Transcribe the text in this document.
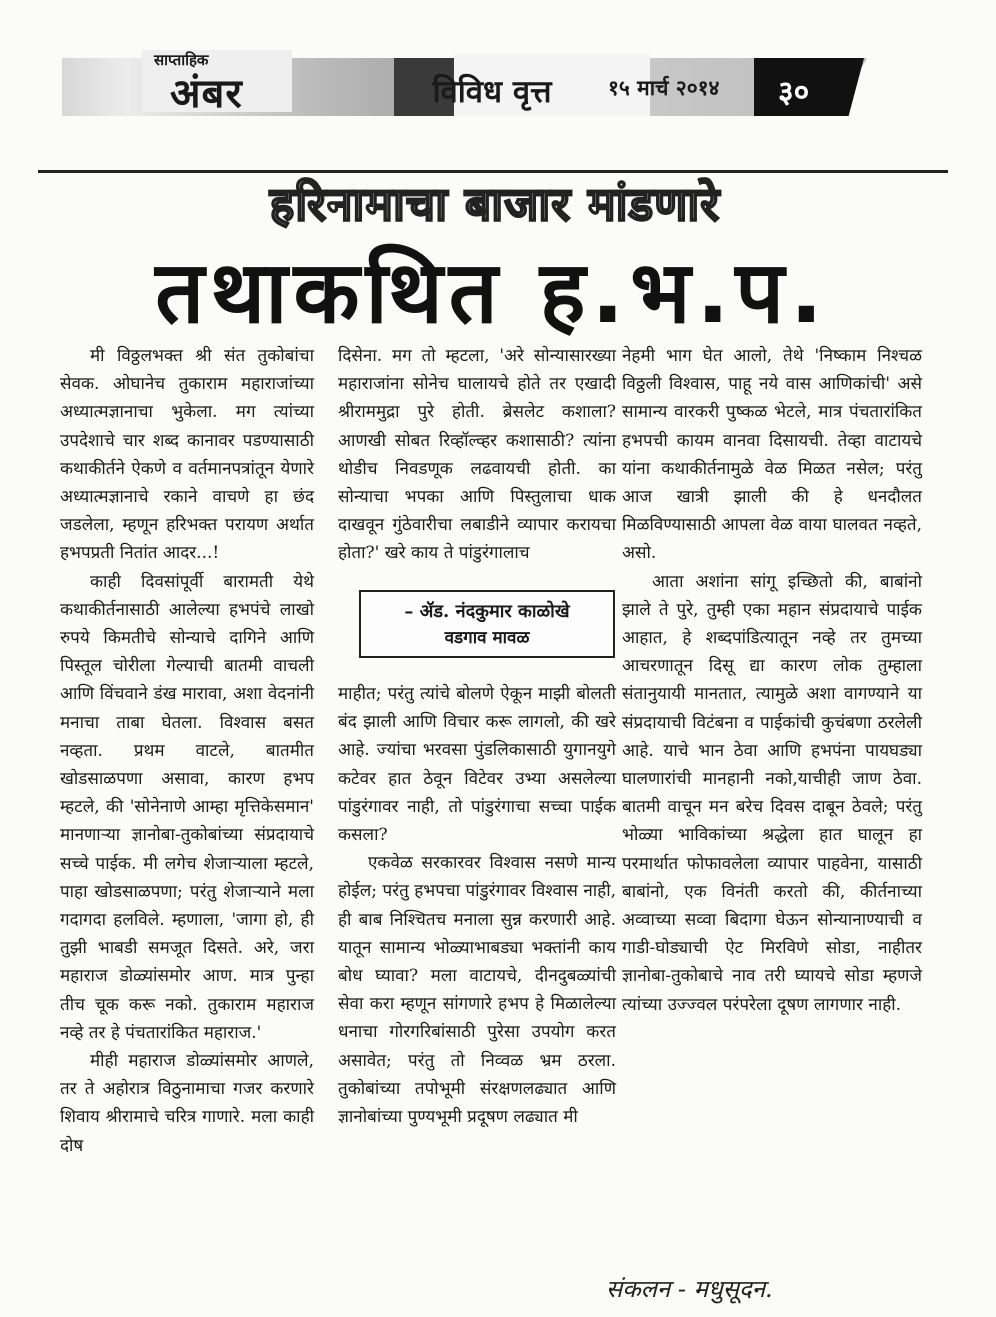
साप्ताहिक
अंबर	विविध वृत्त	१५ मार्च २०१४ ३०
हरिनामाचा बाजार मांडणारे
तथाकथित ह.भ.प.

मी विठ्ठलभक्त श्री संत तुकोबांचा सेवक. ओघानेच तुकाराम महाराजांच्या अध्यात्मज्ञानाचा भुकेला. मग त्यांच्या उपदेशाचे चार शब्द कानावर पडण्यासाठी कथाकीर्तने ऐकणे व वर्तमानपत्रांतून येणारे अध्यात्मज्ञानाचे रकाने वाचणे हा छंद जडलेला, म्हणून हरिभक्त परायण अर्थात हभपप्रती नितांत आदर...!

काही दिवसांपूर्वी बारामती येथे कथाकीर्तनासाठी आलेल्या हभपंचे लाखो रुपये किमतीचे सोन्याचे दागिने आणि पिस्तूल चोरीला गेल्याची बातमी वाचली आणि विंचवाने डंख मारावा, अशा वेदनांनी मनाचा ताबा घेतला. विश्वास बसत नव्हता. प्रथम वाटले, बातमीत खोडसाळपणा असावा, कारण हभप म्हटले, की 'सोनेनाणे आम्हा मृत्तिकेसमान' मानणाऱ्या ज्ञानोबा-तुकोबांच्या संप्रदायाचे सच्चे पाईक. मी लगेच शेजाऱ्याला म्हटले, पाहा खोडसाळपणा; परंतु शेजाऱ्याने मला गदागदा हलविले. म्हणाला, 'जागा हो, ही तुझी भाबडी समजूत दिसते. अरे, जरा महाराज डोळ्यांसमोर आण. मात्र पुन्हा तीच चूक करू नको. तुकाराम महाराज नव्हे तर हे पंचतारांकित महाराज.'

मीही महाराज डोळ्यांसमोर आणले, तर ते अहोरात्र विठुनामाचा गजर करणारे शिवाय श्रीरामाचे चरित्र गाणारे. मला काही दोष

दिसेना. मग तो म्हटला, 'अरे सोन्यासारख्या महाराजांना सोनेच घालायचे होते तर एखादी श्रीराममुद्रा पुरे होती. ब्रेसलेट कशाला? आणखी सोबत रिव्हॉल्व्हर कशासाठी? त्यांना थोडीच निवडणूक लढवायची होती. का सोन्याचा भपका आणि पिस्तुलाचा धाक दाखवून गुंठेवारीचा लबाडीने व्यापार करायचा होता?' खरे काय ते पांडुरंगालाच

– ॲड. नंदकुमार काळोखे
वडगाव मावळ

माहीत; परंतु त्यांचे बोलणे ऐकून माझी बोलती बंद झाली आणि विचार करू लागलो, की खरे आहे. ज्यांचा भरवसा पुंडलिकासाठी युगानयुगे कटेवर हात ठेवून विटेवर उभ्या असलेल्या पांडुरंगावर नाही, तो पांडुरंगाचा सच्चा पाईक कसला?

एकवेळ सरकारवर विश्वास नसणे मान्य होईल; परंतु हभपचा पांडुरंगावर विश्वास नाही, ही बाब निश्चितच मनाला सुन्न करणारी आहे. यातून सामान्य भोळ्याभाबड्या भक्तांनी काय बोध घ्यावा? मला वाटायचे, दीनदुबळ्यांची सेवा करा म्हणून सांगणारे हभप हे मिळालेल्या धनाचा गोरगरिबांसाठी पुरेसा उपयोग करत असावेत; परंतु तो निव्वळ भ्रम ठरला. तुकोबांच्या तपोभूमी संरक्षणलढ्यात आणि ज्ञानोबांच्या पुण्यभूमी प्रदूषण लढ्यात मी

नेहमी भाग घेत आलो, तेथे 'निष्काम निश्चळ विठ्ठली विश्वास, पाहू नये वास आणिकांची' असे सामान्य वारकरी पुष्कळ भेटले, मात्र पंचतारांकित हभपची कायम वानवा दिसायची. तेव्हा वाटायचे यांना कथाकीर्तनामुळे वेळ मिळत नसेल; परंतु आज खात्री झाली की हे धनदौलत मिळविण्यासाठी आपला वेळ वाया घालवत नव्हते, असो.

आता अशांना सांगू इच्छितो की, बाबांनो झाले ते पुरे, तुम्ही एका महान संप्रदायाचे पाईक आहात, हे शब्दपांडित्यातून नव्हे तर तुमच्या आचरणातून दिसू द्या कारण लोक तुम्हाला संतानुयायी मानतात, त्यामुळे अशा वागण्याने या संप्रदायाची विटंबना व पाईकांची कुचंबणा ठरलेली आहे. याचे भान ठेवा आणि हभपंना पायघड्या घालणारांची मानहानी नको,याचीही जाण ठेवा. बातमी वाचून मन बरेच दिवस दाबून ठेवले; परंतु भोळ्या भाविकांच्या श्रद्धेला हात घालून हा परमार्थात फोफावलेला व्यापार पाहवेना, यासाठी बाबांनो, एक विनंती करतो की, कीर्तनाच्या अव्वाच्या सव्वा बिदागा घेऊन सोन्यानाण्याची व गाडी-घोड्याची ऐट मिरविणे सोडा, नाहीतर ज्ञानोबा-तुकोबाचे नाव तरी घ्यायचे सोडा म्हणजे त्यांच्या उज्ज्वल परंपरेला दूषण लागणार नाही.

संकलन - मधुसूदन.
